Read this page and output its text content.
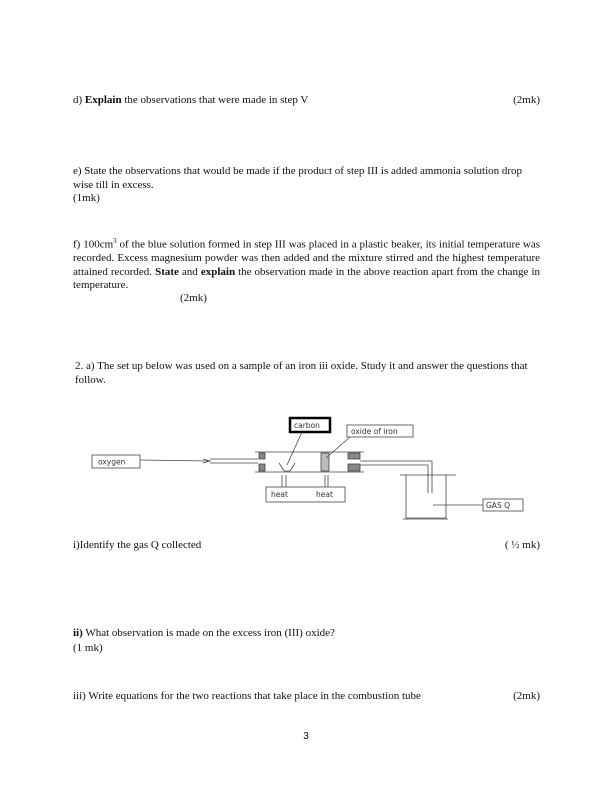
d) Explain the observations that were made in step V	(2mk)
e) State the observations that would be made if the product of step III is added ammonia solution drop wise till in excess.
(1mk)
f) $100cm^3$ of the blue solution formed in step III was placed in a plastic beaker, its initial temperature was recorded. Excess magnesium powder was then added and the mixture stirred and the highest temperature attained recorded. State and explain the observation made in the above reaction apart from the change in temperature.
(2mk)
2. a) The set up below was used on a sample of an iron iii oxide. Study it and answer the questions that follow.
oxygen
carbon
oxide of iron
heat	heat
GAS Q
i)Identify the gas Q collected	( ½ mk)
ii) What observation is made on the excess iron (III) oxide?
(1 mk)
iii) Write equations for the two reactions that take place in the combustion tube	(2mk)
3
